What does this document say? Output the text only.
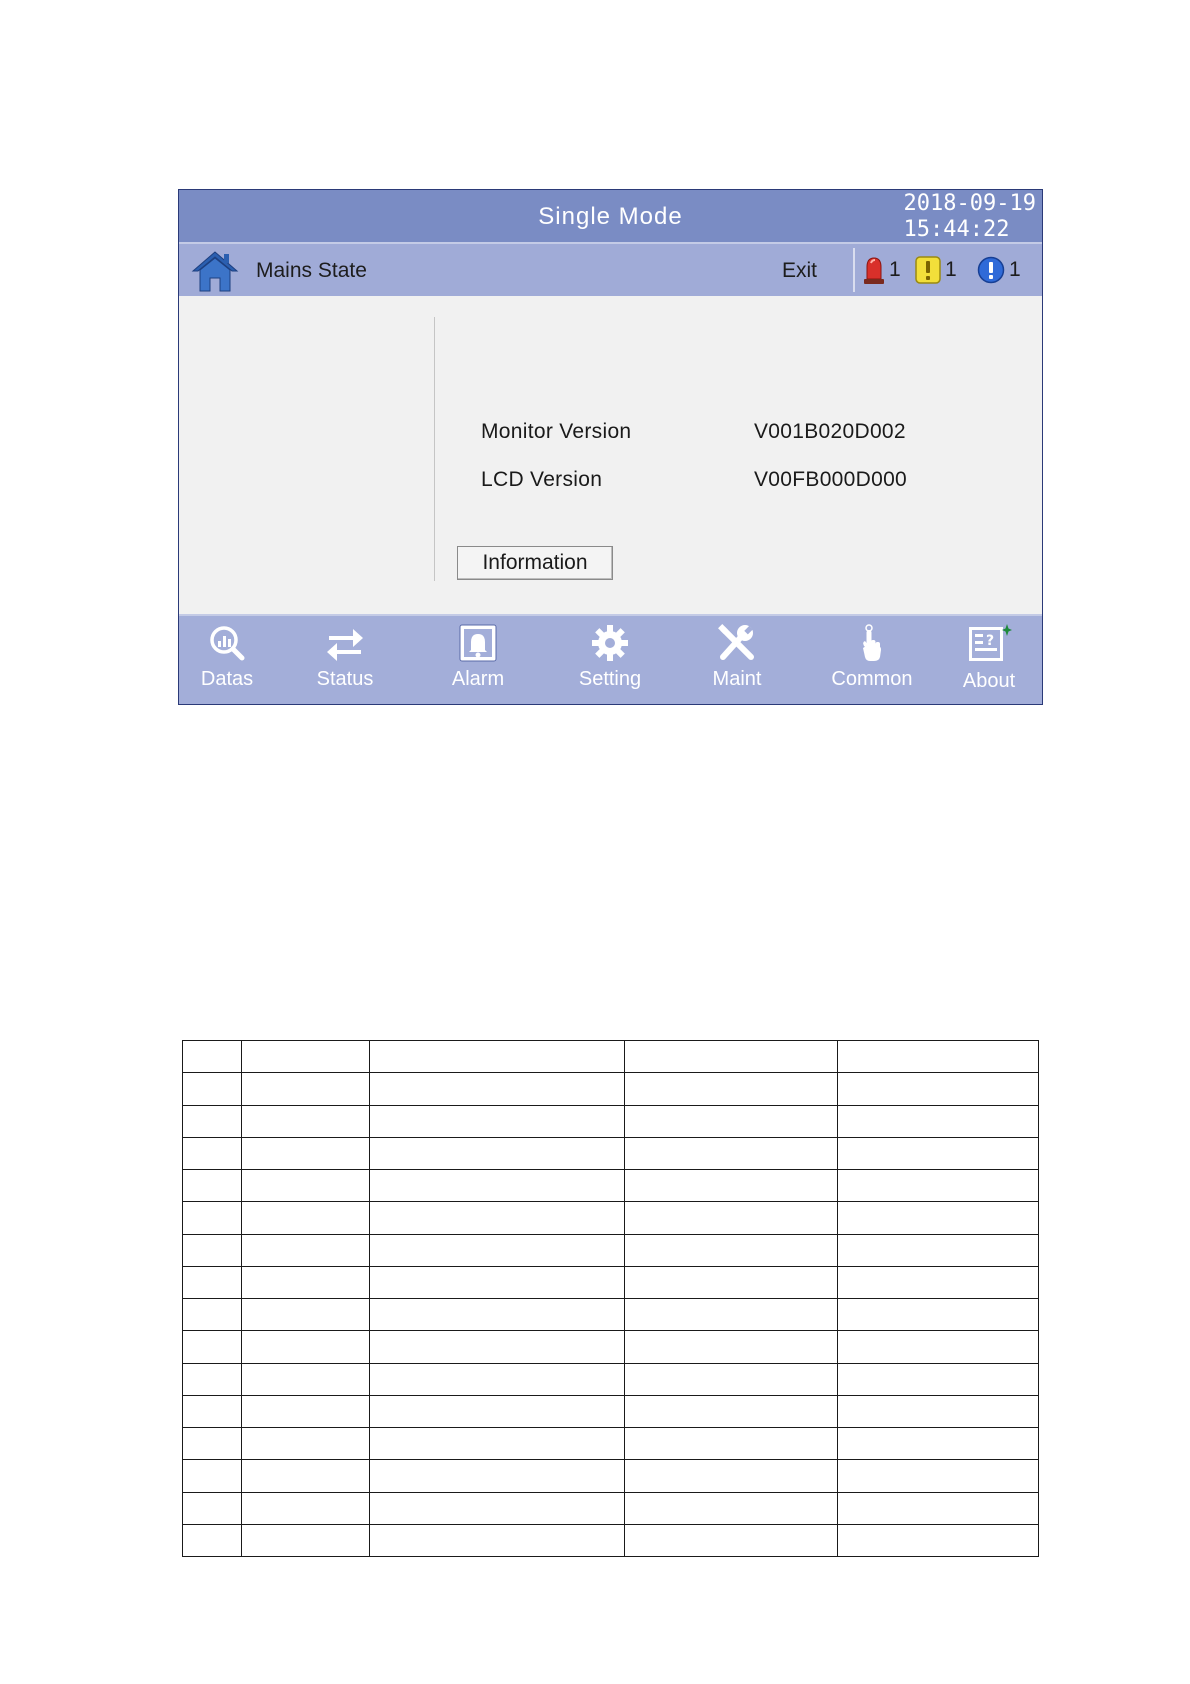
Single Mode	2018-09-19
15:44:22
Mains State	Exit	1 1 1
Monitor Version	V001B020D002
LCD Version	V00FB000D000
Information
Datas	Status	Alarm	Setting	Maint	Common
?
About
